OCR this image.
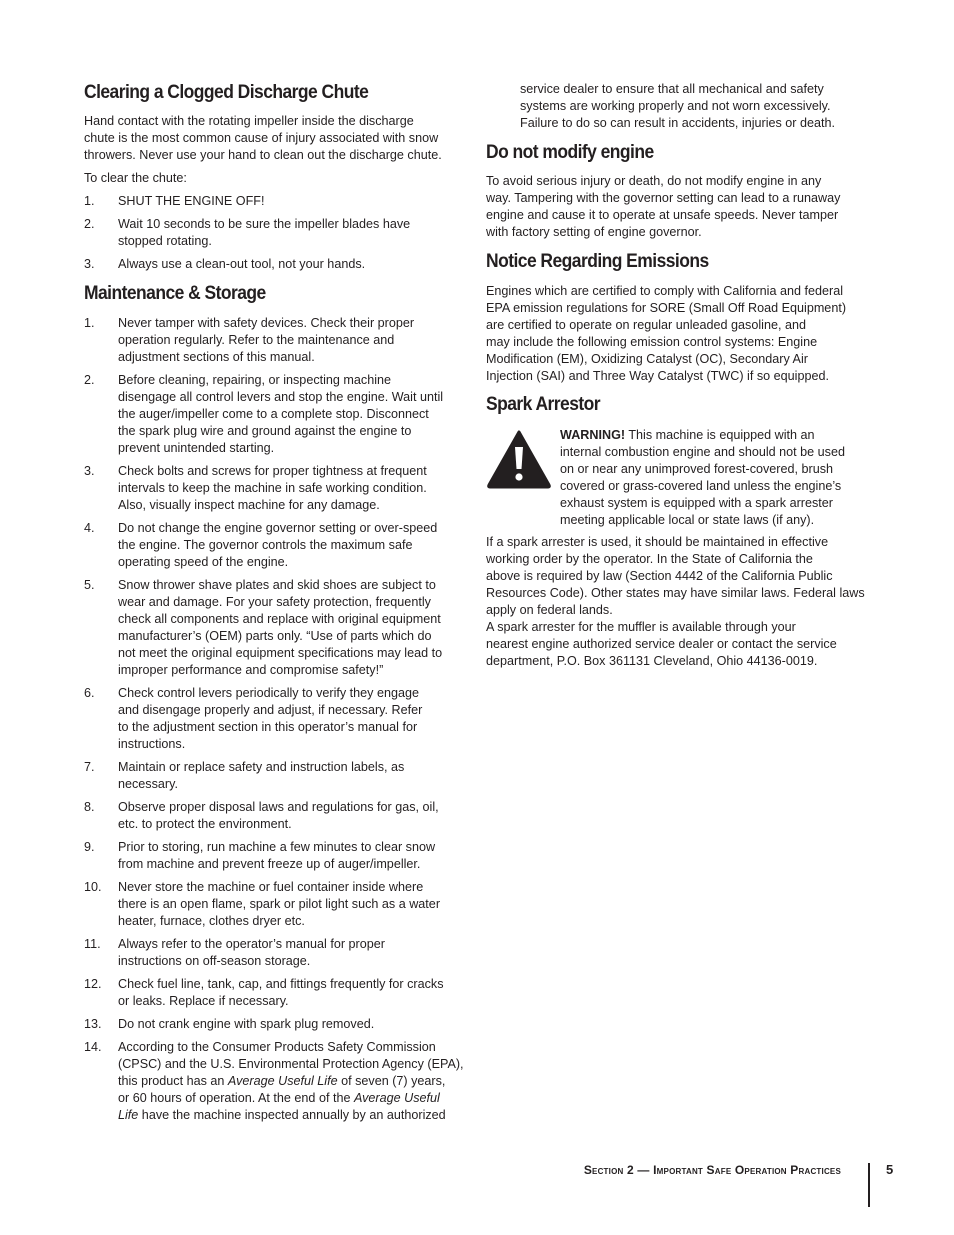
Clearing a Clogged Discharge Chute

Hand contact with the rotating impeller inside the discharge
chute is the most common cause of injury associated with snow
throwers. Never use your hand to clean out the discharge chute.

To clear the chute:

1. SHUT THE ENGINE OFF!
2. Wait 10 seconds to be sure the impeller blades have
stopped rotating.
3. Always use a clean-out tool, not your hands.
Maintenance & Storage
1. Never tamper with safety devices. Check their proper
operation regularly. Refer to the maintenance and
adjustment sections of this manual.
2. Before cleaning, repairing, or inspecting machine
disengage all control levers and stop the engine. Wait until
the auger/impeller come to a complete stop. Disconnect
the spark plug wire and ground against the engine to
prevent unintended starting.
3. Check bolts and screws for proper tightness at frequent
intervals to keep the machine in safe working condition.
Also, visually inspect machine for any damage.
4. Do not change the engine governor setting or over-speed
the engine. The governor controls the maximum safe
operating speed of the engine.
5. Snow thrower shave plates and skid shoes are subject to
wear and damage. For your safety protection, frequently
check all components and replace with original equipment
manufacturer’s (OEM) parts only. “Use of parts which do
not meet the original equipment specifications may lead to
improper performance and compromise safety!”
6. Check control levers periodically to verify they engage
and disengage properly and adjust, if necessary. Refer
to the adjustment section in this operator’s manual for
instructions.
7. Maintain or replace safety and instruction labels, as
necessary.
8. Observe proper disposal laws and regulations for gas, oil,
etc. to protect the environment.
9. Prior to storing, run machine a few minutes to clear snow
from machine and prevent freeze up of auger/impeller.
10. Never store the machine or fuel container inside where
there is an open flame, spark or pilot light such as a water
heater, furnace, clothes dryer etc.
11. Always refer to the operator’s manual for proper
instructions on off-season storage.
12. Check fuel line, tank, cap, and fittings frequently for cracks
or leaks. Replace if necessary.
13. Do not crank engine with spark plug removed.
14. According to the Consumer Products Safety Commission
(CPSC) and the U.S. Environmental Protection Agency (EPA),
this product has an Average Useful Life of seven (7) years,
or 60 hours of operation. At the end of the Average Useful
Life have the machine inspected annually by an authorized

service dealer to ensure that all mechanical and safety
systems are working properly and not worn excessively.
Failure to do so can result in accidents, injuries or death.

Do not modify engine

To avoid serious injury or death, do not modify engine in any
way. Tampering with the governor setting can lead to a runaway
engine and cause it to operate at unsafe speeds. Never tamper
with factory setting of engine governor.

Notice Regarding Emissions

Engines which are certified to comply with California and federal
EPA emission regulations for SORE (Small Off Road Equipment)
are certified to operate on regular unleaded gasoline, and
may include the following emission control systems: Engine
Modification (EM), Oxidizing Catalyst (OC), Secondary Air
Injection (SAI) and Three Way Catalyst (TWC) if so equipped.

Spark Arrestor

WARNING! This machine is equipped with an
internal combustion engine and should not be used
on or near any unimproved forest-covered, brush
covered or grass-covered land unless the engine’s
exhaust system is equipped with a spark arrester
meeting applicable local or state laws (if any).

If a spark arrester is used, it should be maintained in effective
working order by the operator. In the State of California the
above is required by law (Section 4442 of the California Public
Resources Code). Other states may have similar laws. Federal laws
apply on federal lands.

A spark arrester for the muffler is available through your
nearest engine authorized service dealer or contact the service
department, P.O. Box 361131 Cleveland, Ohio 44136-0019.

Section 2 — Important Safe Operation Practices	5
